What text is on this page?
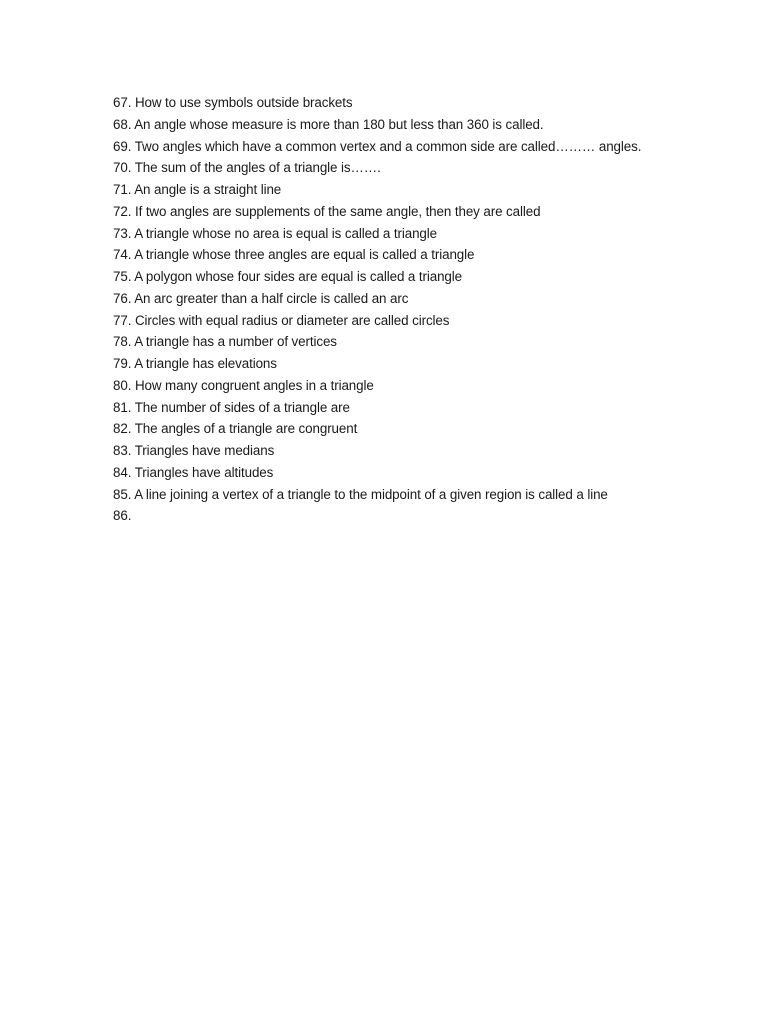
67. How to use symbols outside brackets
68. An angle whose measure is more than 180 but less than 360 is called.
69. Two angles which have a common vertex and a common side are called……… angles.
70. The sum of the angles of a triangle is…….
71. An angle is a straight line
72. If two angles are supplements of the same angle, then they are called
73. A triangle whose no area is equal is called a triangle
74. A triangle whose three angles are equal is called a triangle
75. A polygon whose four sides are equal is called a triangle
76. An arc greater than a half circle is called an arc
77. Circles with equal radius or diameter are called circles
78. A triangle has a number of vertices
79. A triangle has elevations
80. How many congruent angles in a triangle
81. The number of sides of a triangle are
82. The angles of a triangle are congruent
83. Triangles have medians
84. Triangles have altitudes
85. A line joining a vertex of a triangle to the midpoint of a given region is called a line
86.
